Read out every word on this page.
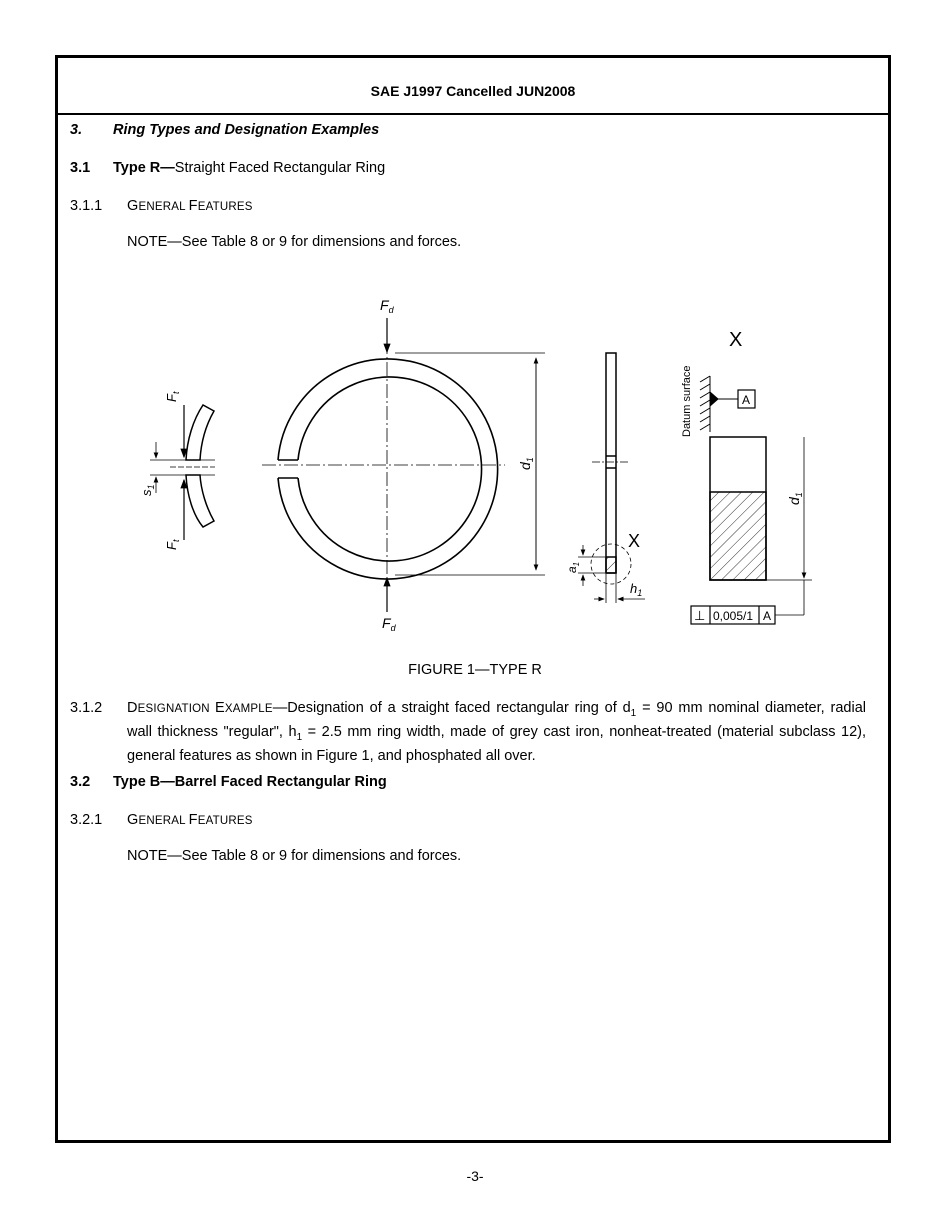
SAE J1997 Cancelled JUN2008
3. Ring Types and Designation Examples
3.1 Type R—Straight Faced Rectangular Ring
3.1.1 GENERAL FEATURES
NOTE—See Table 8 or 9 for dimensions and forces.
$F_d$
$F_d$
$d_1$
$F_t$
$F_t$
$s_1$
X
$a_1$
$h_1$
X
Datum surface	A
$d_1$
⊥ 0,005/1 A
FIGURE 1—TYPE R
3.1.2 DESIGNATION EXAMPLE—Designation of a straight faced rectangular ring of $d_1 = 90$ mm nominal diameter, radial wall thickness "regular", $h_1 = 2.5$ mm ring width, made of grey cast iron, nonheat-treated (material subclass 12), general features as shown in Figure 1, and phosphated all over.
3.2 Type B—Barrel Faced Rectangular Ring
3.2.1 GENERAL FEATURES
NOTE—See Table 8 or 9 for dimensions and forces.
-3-
